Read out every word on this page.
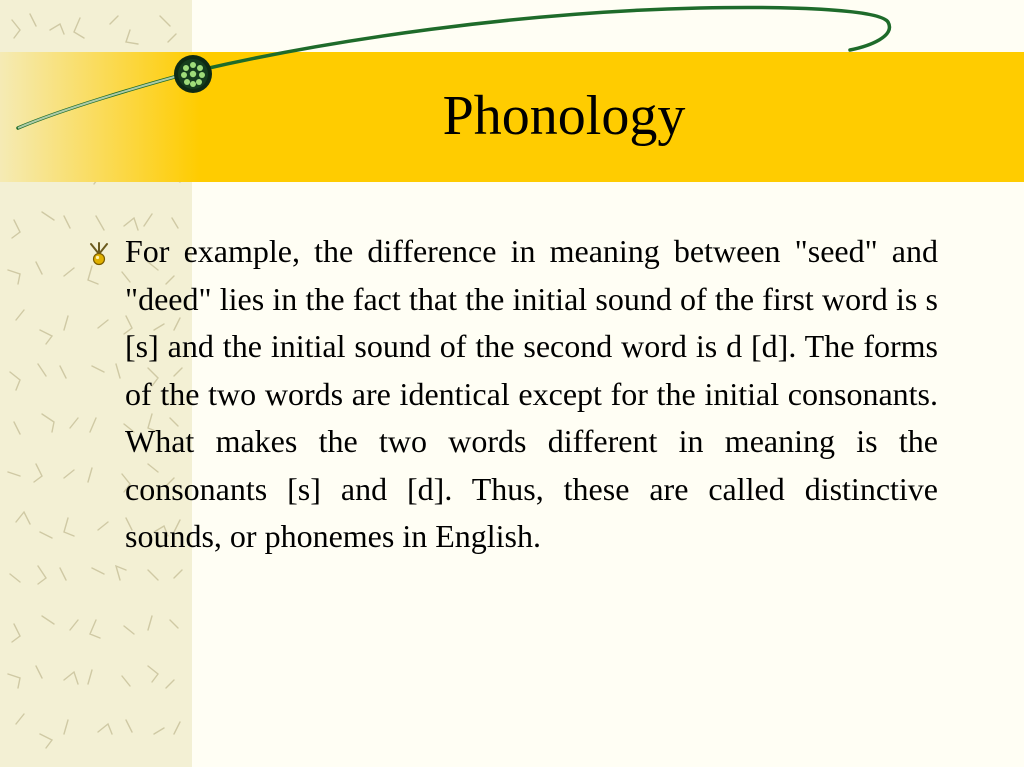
Phonology

For example, the difference in meaning between "seed" and "deed" lies in the fact that the initial sound of the first word is s [s] and the initial sound of the second word is d [d]. The forms of the two words are identical except for the initial consonants. What makes the two words different in meaning is the consonants [s] and [d]. Thus, these are called distinctive sounds, or phonemes in English.
